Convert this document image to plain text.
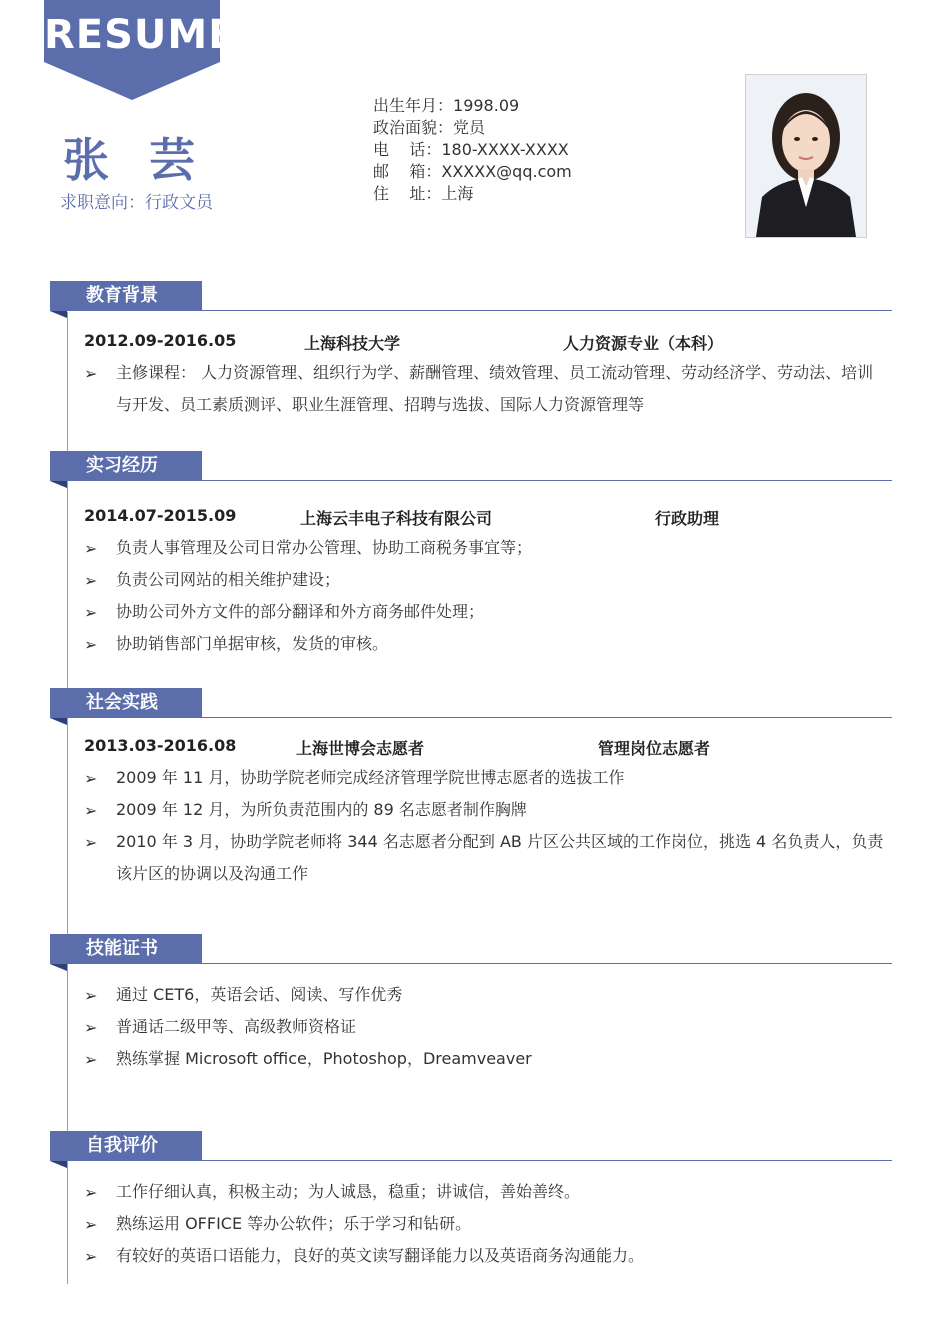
RESUME
张 芸
求职意向：行政文员
出生年月： 1998.09
政治面貌： 党员
电    话： 180-XXXX-XXXX
邮    箱： XXXXX@qq.com
住    址： 上海
教育背景
2012.09-2016.05	上海科技大学	人力资源专业（本科）
➢ 主修课程： 人力资源管理、组织行为学、薪酬管理、绩效管理、员工流动管理、劳动经济学、劳动法、培训与开发、员工素质测评、职业生涯管理、招聘与选拔、国际人力资源管理等
实习经历
2014.07-2015.09	上海云丰电子科技有限公司	行政助理
➢ 负责人事管理及公司日常办公管理、协助工商税务事宜等；
➢ 负责公司网站的相关维护建设；
➢ 协助公司外方文件的部分翻译和外方商务邮件处理；
➢ 协助销售部门单据审核，发货的审核。
社会实践
2013.03-2016.08	上海世博会志愿者	管理岗位志愿者
➢ 2009 年 11 月，协助学院老师完成经济管理学院世博志愿者的选拔工作
➢ 2009 年 12 月，为所负责范围内的 89 名志愿者制作胸牌
➢ 2010 年 3 月，协助学院老师将 344 名志愿者分配到 AB 片区公共区域的工作岗位，挑选 4 名负责人，负责该片区的协调以及沟通工作
技能证书
➢ 通过 CET6，英语会话、阅读、写作优秀
➢ 普通话二级甲等、高级教师资格证
➢ 熟练掌握 Microsoft office，Photoshop，Dreamveaver
自我评价
➢ 工作仔细认真，积极主动；为人诚恳，稳重；讲诚信，善始善终。
➢ 熟练运用 OFFICE 等办公软件；乐于学习和钻研。
➢ 有较好的英语口语能力，良好的英文读写翻译能力以及英语商务沟通能力。
